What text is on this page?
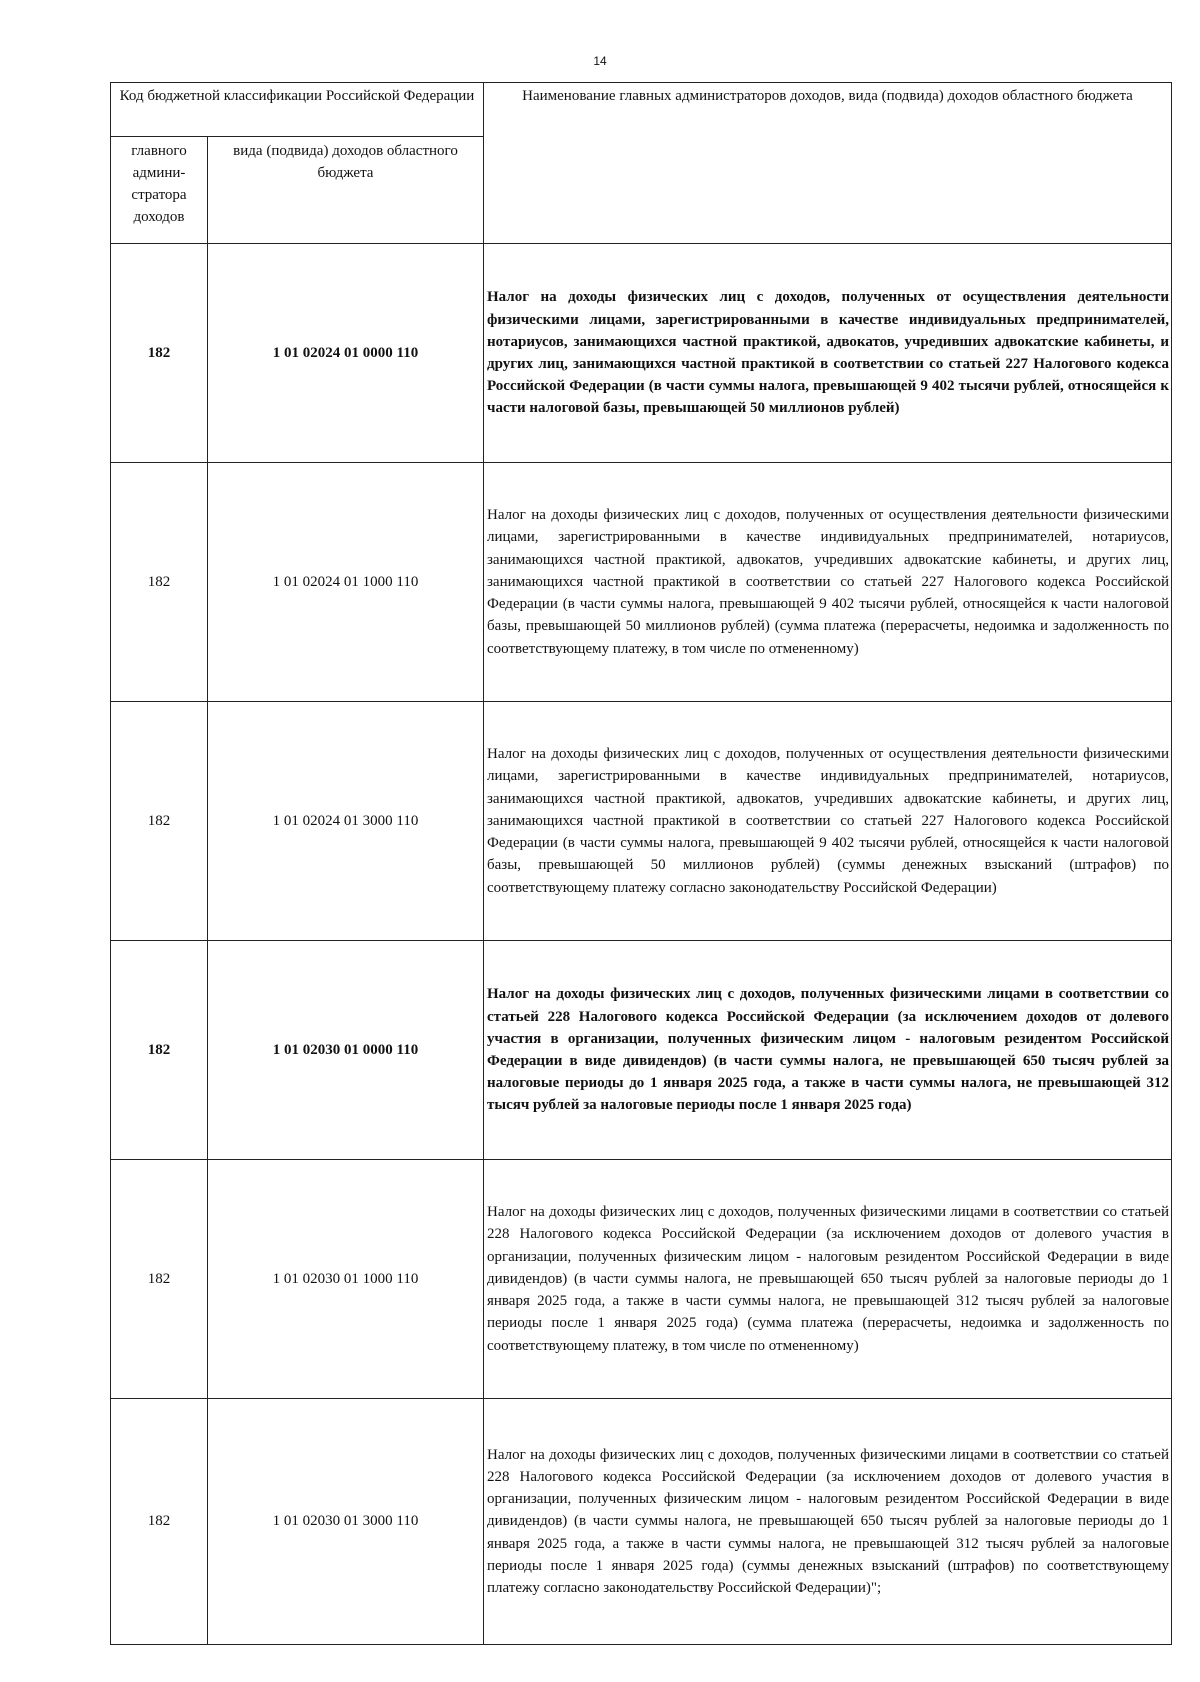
14
Код бюджетной классификации Российской Федерации		Наименование главных администраторов доходов, вида (подвида) доходов областного бюджета
главного админи-стратора доходов	вида (подвида) доходов областного бюджета	
182	1 01 02024 01 0000 110	Налог на доходы физических лиц с доходов, полученных от осуществления деятельности физическими лицами, зарегистрированными в качестве индивидуальных предпринимателей, нотариусов, занимающихся частной практикой, адвокатов, учредивших адвокатские кабинеты, и других лиц, занимающихся частной практикой в соответствии со статьей 227 Налогового кодекса Российской Федерации (в части суммы налога, превышающей 9 402 тысячи рублей, относящейся к части налоговой базы, превышающей 50 миллионов рублей)
182	1 01 02024 01 1000 110	Налог на доходы физических лиц с доходов, полученных от осуществления деятельности физическими лицами, зарегистрированными в качестве индивидуальных предпринимателей, нотариусов, занимающихся частной практикой, адвокатов, учредивших адвокатские кабинеты, и других лиц, занимающихся частной практикой в соответствии со статьей 227 Налогового кодекса Российской Федерации (в части суммы налога, превышающей 9 402 тысячи рублей, относящейся к части налоговой базы, превышающей 50 миллионов рублей) (сумма платежа (перерасчеты, недоимка и задолженность по соответствующему платежу, в том числе по отмененному)
182	1 01 02024 01 3000 110	Налог на доходы физических лиц с доходов, полученных от осуществления деятельности физическими лицами, зарегистрированными в качестве индивидуальных предпринимателей, нотариусов, занимающихся частной практикой, адвокатов, учредивших адвокатские кабинеты, и других лиц, занимающихся частной практикой в соответствии со статьей 227 Налогового кодекса Российской Федерации (в части суммы налога, превышающей 9 402 тысячи рублей, относящейся к части налоговой базы, превышающей 50 миллионов рублей) (суммы денежных взысканий (штрафов) по соответствующему платежу согласно законодательству Российской Федерации)
182	1 01 02030 01 0000 110	Налог на доходы физических лиц с доходов, полученных физическими лицами в соответствии со статьей 228 Налогового кодекса Российской Федерации (за исключением доходов от долевого участия в организации, полученных физическим лицом - налоговым резидентом Российской Федерации в виде дивидендов) (в части суммы налога, не превышающей 650 тысяч рублей за налоговые периоды до 1 января 2025 года, а также в части суммы налога, не превышающей 312 тысяч рублей за налоговые периоды после 1 января 2025 года)
182	1 01 02030 01 1000 110	Налог на доходы физических лиц с доходов, полученных физическими лицами в соответствии со статьей 228 Налогового кодекса Российской Федерации (за исключением доходов от долевого участия в организации, полученных физическим лицом - налоговым резидентом Российской Федерации в виде дивидендов) (в части суммы налога, не превышающей 650 тысяч рублей за налоговые периоды до 1 января 2025 года, а также в части суммы налога, не превышающей 312 тысяч рублей за налоговые периоды после 1 января 2025 года) (сумма платежа (перерасчеты, недоимка и задолженность по соответствующему платежу, в том числе по отмененному)
182	1 01 02030 01 3000 110	Налог на доходы физических лиц с доходов, полученных физическими лицами в соответствии со статьей 228 Налогового кодекса Российской Федерации (за исключением доходов от долевого участия в организации, полученных физическим лицом - налоговым резидентом Российской Федерации в виде дивидендов) (в части суммы налога, не превышающей 650 тысяч рублей за налоговые периоды до 1 января 2025 года, а также в части суммы налога, не превышающей 312 тысяч рублей за налоговые периоды после 1 января 2025 года) (суммы денежных взысканий (штрафов) по соответствующему платежу согласно законодательству Российской Федерации)";
